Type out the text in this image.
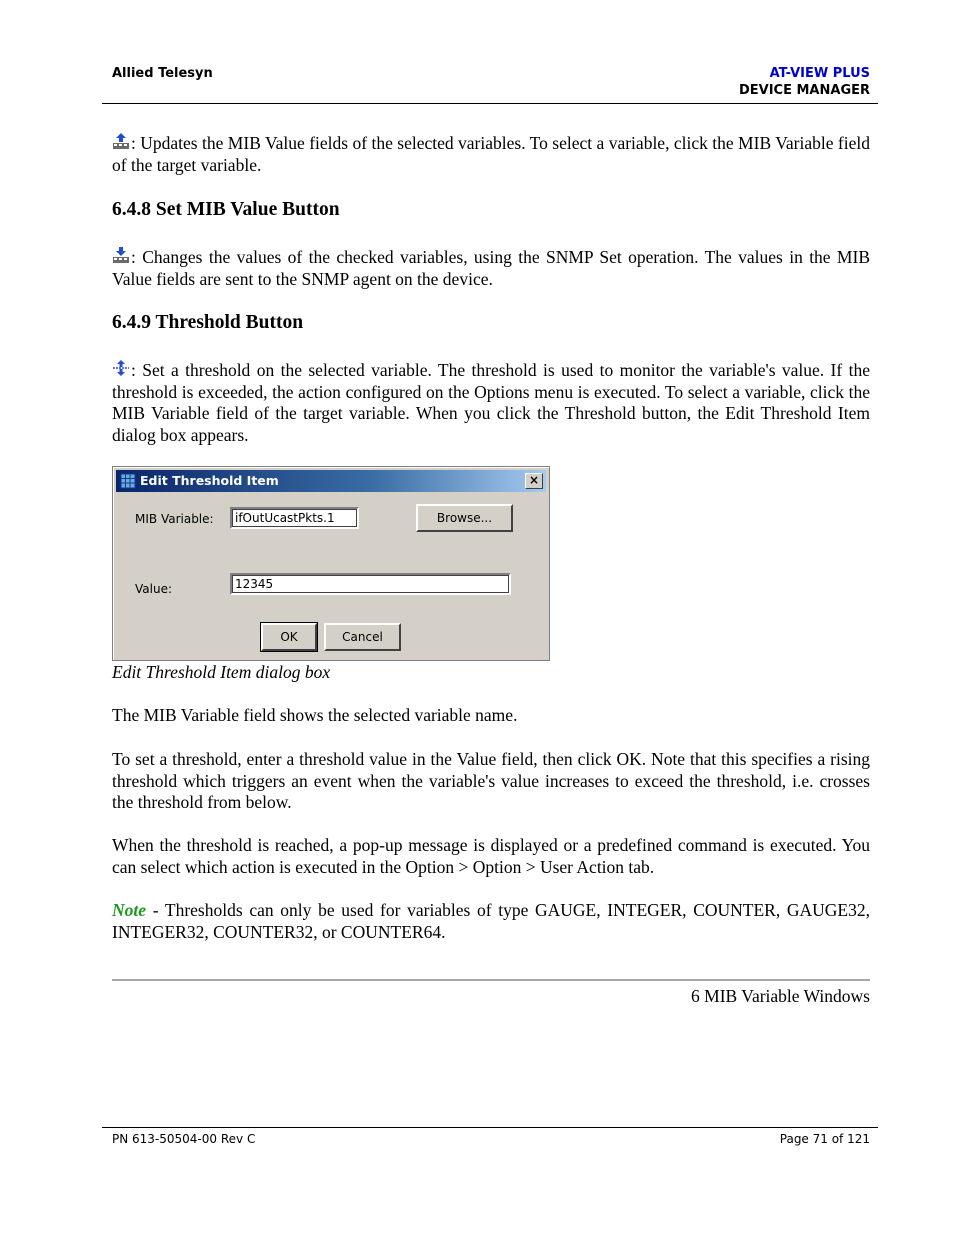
Allied Telesyn	AT-VIEW PLUS
DEVICE MANAGER
: Updates the MIB Value fields of the selected variables. To select a variable, click the MIB Variable field of the target variable.
6.4.8 Set MIB Value Button
: Changes the values of the checked variables, using the SNMP Set operation. The values in the MIB Value fields are sent to the SNMP agent on the device.
6.4.9 Threshold Button
: Set a threshold on the selected variable. The threshold is used to monitor the variable's value. If the threshold is exceeded, the action configured on the Options menu is executed. To select a variable, click the MIB Variable field of the target variable. When you click the Threshold button, the Edit Threshold Item dialog box appears.
Edit Threshold Item	×
MIB Variable:	ifOutUcastPkts.1	Browse...
Value:	12345
OK	Cancel
Edit Threshold Item dialog box
The MIB Variable field shows the selected variable name.
To set a threshold, enter a threshold value in the Value field, then click OK. Note that this specifies a rising threshold which triggers an event when the variable's value increases to exceed the threshold, i.e. crosses the threshold from below.
When the threshold is reached, a pop-up message is displayed or a predefined command is executed. You can select which action is executed in the Option > Option > User Action tab.
Note - Thresholds can only be used for variables of type GAUGE, INTEGER, COUNTER, GAUGE32, INTEGER32, COUNTER32, or COUNTER64.
6 MIB Variable Windows
PN 613-50504-00 Rev C	Page 71 of 121
